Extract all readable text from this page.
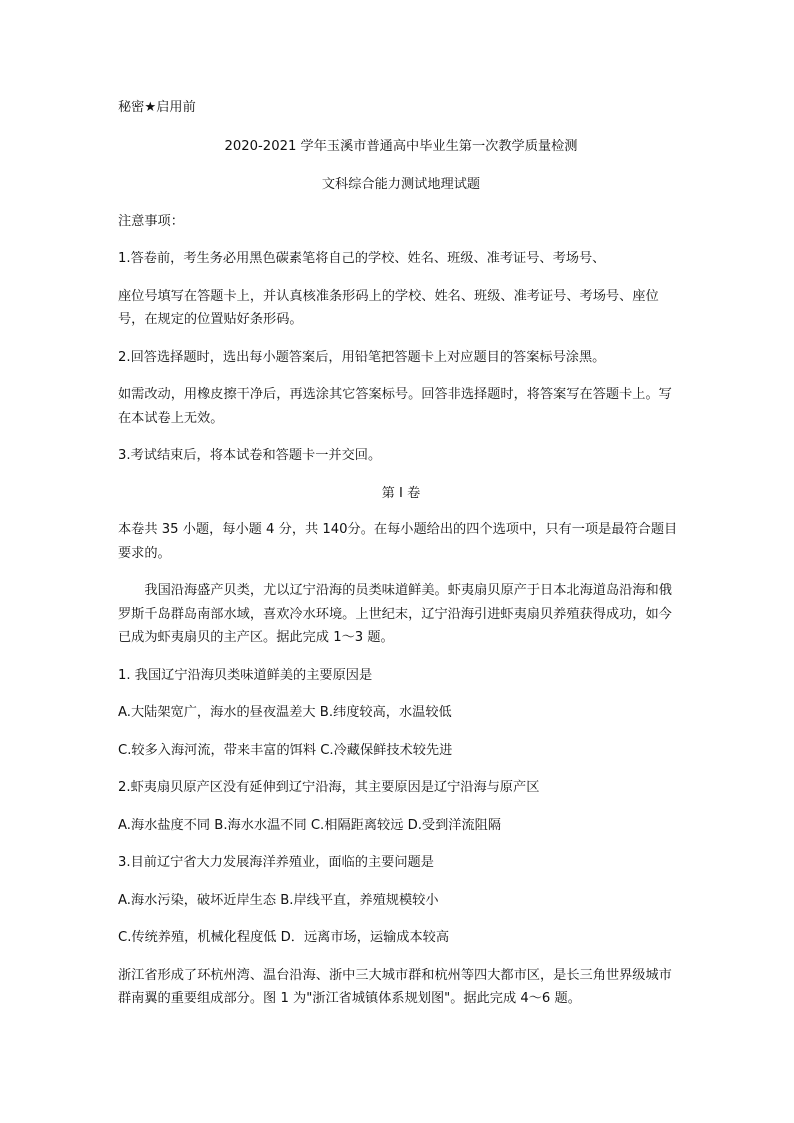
秘密★启用前

2020-2021 学年玉溪市普通高中毕业生第一次教学质量检测

文科综合能力测试地理试题

注意事项：

1.答卷前，考生务必用黑色碳素笔将自己的学校、姓名、班级、准考证号、考场号、

座位号填写在答题卡上，并认真核准条形码上的学校、姓名、班级、准考证号、考场号、座位号，在规定的位置贴好条形码。

2.回答选择题时，选出每小题答案后，用铅笔把答题卡上对应题目的答案标号涂黑。

如需改动，用橡皮擦干净后，再选涂其它答案标号。回答非选择题时，将答案写在答题卡上。写在本试卷上无效。

3.考试结束后，将本试卷和答题卡一并交回。

第 I 卷

本卷共 35 小题，每小题 4 分，共 140分。在每小题给出的四个选项中，只有一项是最符合题目要求的。

我国沿海盛产贝类，尤以辽宁沿海的员类味道鲜美。虾夷扇贝原产于日本北海道岛沿海和俄罗斯千岛群岛南部水域，喜欢冷水环境。上世纪末，辽宁沿海引进虾夷扇贝养殖获得成功，如今已成为虾夷扇贝的主产区。据此完成 1～3 题。

1. 我国辽宁沿海贝类味道鲜美的主要原因是

A.大陆架宽广，海水的昼夜温差大 B.纬度较高，水温较低

C.较多入海河流，带来丰富的饵料 C.冷藏保鲜技术较先进

2.虾夷扇贝原产区没有延伸到辽宁沿海，其主要原因是辽宁沿海与原产区

A.海水盐度不同 B.海水水温不同 C.相隔距离较远 D.受到洋流阻隔

3.目前辽宁省大力发展海洋养殖业，面临的主要问题是

A.海水污染，破坏近岸生态 B.岸线平直，养殖规模较小

C.传统养殖，机械化程度低 D．远离市场，运输成本较高

浙江省形成了环杭州湾、温台沿海、浙中三大城市群和杭州等四大都市区，是长三角世界级城市群南翼的重要组成部分。图 1 为"浙江省城镇体系规划图"。据此完成 4～6 题。
